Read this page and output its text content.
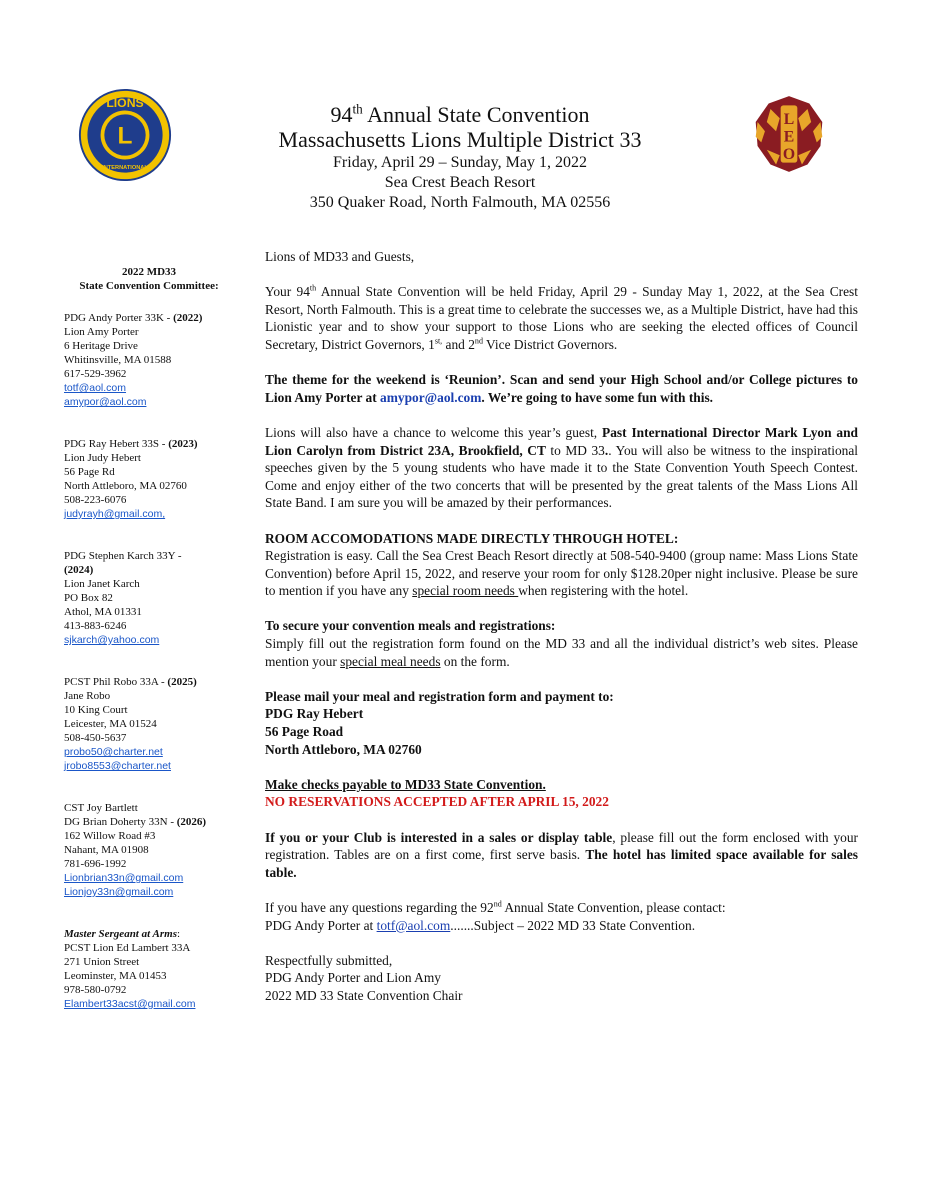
LIONS
L
INTERNATIONAL
L
E
O
94th Annual State Convention
Massachusetts Lions Multiple District 33
Friday, April 29 – Sunday, May 1, 2022
Sea Crest Beach Resort
350 Quaker Road, North Falmouth, MA 02556
2022 MD33
State Convention Committee:
PDG Andy Porter 33K - (2022)
Lion Amy Porter
6 Heritage Drive
Whitinsville, MA 01588
617-529-3962
totf@aol.com
amypor@aol.com
PDG Ray Hebert 33S - (2023)
Lion Judy Hebert
56 Page Rd
North Attleboro, MA 02760
508-223-6076
judyrayh@gmail.com,
PDG Stephen Karch 33Y -
(2024)
Lion Janet Karch
PO Box 82
Athol, MA 01331
413-883-6246
sjkarch@yahoo.com
PCST Phil Robo 33A - (2025)
Jane Robo
10 King Court
Leicester, MA 01524
508-450-5637
probo50@charter.net
jrobo8553@charter.net
CST Joy Bartlett
DG Brian Doherty 33N - (2026)
162 Willow Road #3
Nahant, MA 01908
781-696-1992
Lionbrian33n@gmail.com
Lionjoy33n@gmail.com
Master Sergeant at Arms:
PCST Lion Ed Lambert 33A
271 Union Street
Leominster, MA 01453
978-580-0792
Elambert33acst@gmail.com

Lions of MD33 and Guests,

Your 94th Annual State Convention will be held Friday, April 29 - Sunday May 1, 2022, at the Sea Crest Resort, North Falmouth. This is a great time to celebrate the successes we, as a Multiple District, have had this Lionistic year and to show your support to those Lions who are seeking the elected offices of Council Secretary, District Governors, $1^{st,}$ and 2nd Vice District Governors.

The theme for the weekend is ‘Reunion’. Scan and send your High School and/or College pictures to Lion Amy Porter at amypor@aol.com. We’re going to have some fun with this.

Lions will also have a chance to welcome this year’s guest, Past International Director Mark Lyon and Lion Carolyn from District 23A, Brookfield, CT to MD 33.. You will also be witness to the inspirational speeches given by the 5 young students who have made it to the State Convention Youth Speech Contest. Come and enjoy either of the two concerts that will be presented by the great talents of the Mass Lions All State Band. I am sure you will be amazed by their performances.

ROOM ACCOMODATIONS MADE DIRECTLY THROUGH HOTEL:
Registration is easy. Call the Sea Crest Beach Resort directly at 508-540-9400 (group name: Mass Lions State Convention) before April 15, 2022, and reserve your room for only $128.20per night inclusive. Please be sure to mention if you have any special room needs when registering with the hotel.

To secure your convention meals and registrations:
Simply fill out the registration form found on the MD 33 and all the individual district’s web sites. Please mention your special meal needs on the form.

Please mail your meal and registration form and payment to:
PDG Ray Hebert
56 Page Road
North Attleboro, MA 02760

Make checks payable to MD33 State Convention.
NO RESERVATIONS ACCEPTED AFTER APRIL 15, 2022

If you or your Club is interested in a sales or display table, please fill out the form enclosed with your registration. Tables are on a first come, first serve basis. The hotel has limited space available for sales table.

If you have any questions regarding the 92nd Annual State Convention, please contact:
PDG Andy Porter at totf@aol.com.......Subject – 2022 MD 33 State Convention.

Respectfully submitted,
PDG Andy Porter and Lion Amy
2022 MD 33 State Convention Chair
